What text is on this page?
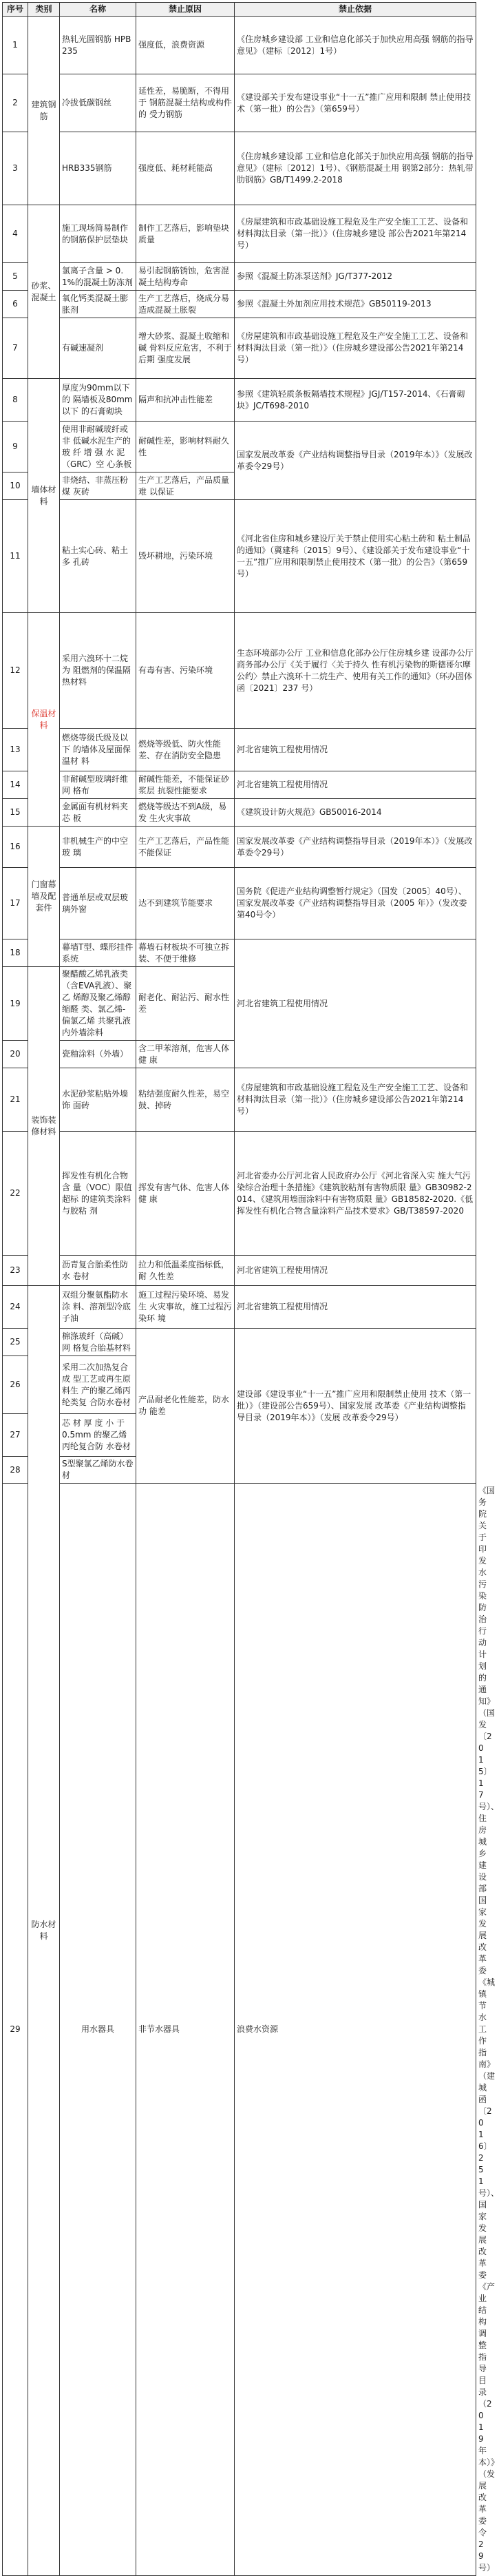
序号	类别	名称	禁止原因	禁止依据	
1	建筑钢筋	热轧光圆钢筋 HPB235	强度低，浪费资源	《住房城乡建设部 工业和信息化部关于加快应用高强 钢筋的指导意见》（建标〔2012〕1号）	
2		冷拔低碳钢丝	延性差，易脆断，不得用于 钢筋混凝土结构或构件的 受力钢筋	《建设部关于发布建设事业“十一五”推广应用和限制 禁止使用技术（第一批）的公告》（第659号）	
3		HRB335钢筋	强度低、耗材耗能高	《住房城乡建设部 工业和信息化部关于加快应用高强 钢筋的指导意见》（建标〔2012〕1号）、《钢筋混凝土用 钢第2部分：热轧带肋钢筋》GB/T1499.2-2018	
4	砂浆、混凝土	施工现场简易制作的钢筋保护层垫块	制作工艺落后，影响垫块质量	《房屋建筑和市政基础设施工程危及生产安全施工工艺、设备和材料淘汰目录（第一批）》（住房城乡建设 部公告2021年第214号）	
5		氯离子含量 > 0.1%的混凝土防冻剂	易引起钢筋锈蚀，危害混凝土结构寿命	参照《混凝土防冻泵送剂》JG/T377-2012	
6		氧化钙类混凝土膨胀剂	生产工艺落后，烧成分易造成混凝土胀裂	参照《混凝土外加剂应用技术规范》GB50119-2013	
7		有碱速凝剂	增大砂浆、混凝土收缩和碱 骨料反应危害，不利于后期 强度发展	《房屋建筑和市政基础设施工程危及生产安全施工工艺、设备和材料淘汰目录（第一批）》（住房城乡建设部公告2021年第214号）	
8	墙体材料	厚度为90mm以下的 隔墙板及80mm以下 的石膏砌块	隔声和抗冲击性能差	参照《建筑轻质条板隔墙技术规程》JGJ/T157-2014、《石膏砌块》JC/T698-2010	
9		使用非耐碱玻纤或非 低碱水泥生产的玻 纤 增 强 水 泥（GRC）空 心条板	耐碱性差，影响材料耐久性	国家发展改革委《产业结构调整指导目录（2019年本）》（发展改革委令29号）	
10		非烧结、非蒸压粉煤 灰砖	生产工艺落后，产品质量难 以保证		
11		粘土实心砖、粘土多 孔砖	毁坏耕地，污染环境	《河北省住房和城乡建设厅关于禁止使用实心粘土砖和 粘土制品的通知》（冀建科〔2015〕9号）、《建设部关于发布建设事业“十一五”推广应用和限制禁止使用技术（第一批）的公告》（第659号）	
12	保温材料	采用六溴环十二烷为 阻燃剂的保温隔热材料	有毒有害、污染环境	生态环境部办公厅 工业和信息化部办公厅住房城乡建 设部办公厅 商务部办公厅《关于履行〈关于持久 性有机污染物的斯德哥尔摩公约〉禁止六溴环十二烷生产、使用有关工作的通知》（环办固体函〔2021〕237 号）	
13		燃烧等级氏级及以下 的墙体及屋面保温材 料	燃烧等级低、防火性能差、存在消防安全隐患	河北省建筑工程使用情况	
14		非耐碱型玻璃纤维网 格布	耐碱性能差，不能保证砂浆层 抗裂性能要求	河北省建筑工程使用情况	
15		金属面有机材料夹芯 板	燃烧等级达不到A级，易发 生火灾事故	《建筑设计防火规范》GB50016-2014	
16	门窗幕墙及配套件	非机械生产的中空玻 璃	生产工艺落后，产品性能不能保证	国家发展改革委《产业结构调整指导目录（2019年本）》（发展改革委令29号）	
17		普通单层或双层玻璃外窗	达不到建筑节能要求	国务院《促进产业结构调整暂行规定》（国发〔2005〕40号）、国家发展改革委《产业结构调整指导目录（2005 年）》（发改委第40号令）	
18		幕墙T型、蝶形挂件系统	幕墙石材板块不可独立拆装、不便于维修	河北省建筑工程使用情况	
19	装饰装修材料	聚醋酸乙烯乳液类（含EVA乳液）、聚乙 烯醇及聚乙烯醇缩醛 类、氯乙烯-偏氯乙烯 共聚乳液内外墙涂料	耐老化、耐沾污、耐水性差		
20		瓷釉涂料（外墙）	含二甲苯溶剂，危害人体健 康		
21		水泥砂浆粘贴外墙饰 面砖	粘结强度耐久性差，易空鼓、掉砖	《房屋建筑和市政基础设施工程危及生产安全施工工艺、设备和材料淘汰目录（第一批）》（住房城乡建设部公告2021年第214号）	
22		挥发性有机化合物含 量（VOC）限值超标 的建筑类涂料与胶粘 剂	挥发有害气体、危害人体健 康	河北省委办公厅河北省人民政府办公厅《河北省深入实 施大气污染综合治理十条措施》《建筑胶粘剂有害物质限 量》GB30982-2014、《建筑用墙面涂料中有害物质限 量》GB18582-2020.《低挥发性有机化合物含量涂料产品技术要求》GB/T38597-2020	
23		沥青复合胎柔性防水 卷材	拉力和低温柔度指标低，耐 久性差	河北省建筑工程使用情况	
24	防水材料	双组分聚氨酯防水涂 料、溶剂型冷底子油	施工过程污染环境、易发生 火灾事故，施工过程污染环 境	河北省建筑工程使用情况	
25		棉涤玻纤（高碱）网 格复合胎基材料	产品耐老化性能差，防水功 能差	建设部《建设事业“十一五”推广应用和限制禁止使用 技术（第一批）》（建设部公告659号）、国家发展 改革委《产业结构调整指导目录（2019年本）》（发展 改革委令29号）	
26		采用二次加热复合成 型工艺或再生原料生 产的聚乙烯丙纶类复 合防水卷材			
27		芯 材 厚 度 小 于 0.5mm 的聚乙烯丙纶复合防 水卷材			
28		S型聚氯乙烯防水卷材			
29		用水器具	非节水器具	浪费水资源	《国务院关于印发水污染防治行动计划的通知》（国发〔2015〕17号）、住房城乡建设部国家发展改革委《城镇节水工作指南》（建城函〔2016〕251号）、国家发展改革委《产业结构调整指导目录（2019年本）》（发展改革委令29号）
